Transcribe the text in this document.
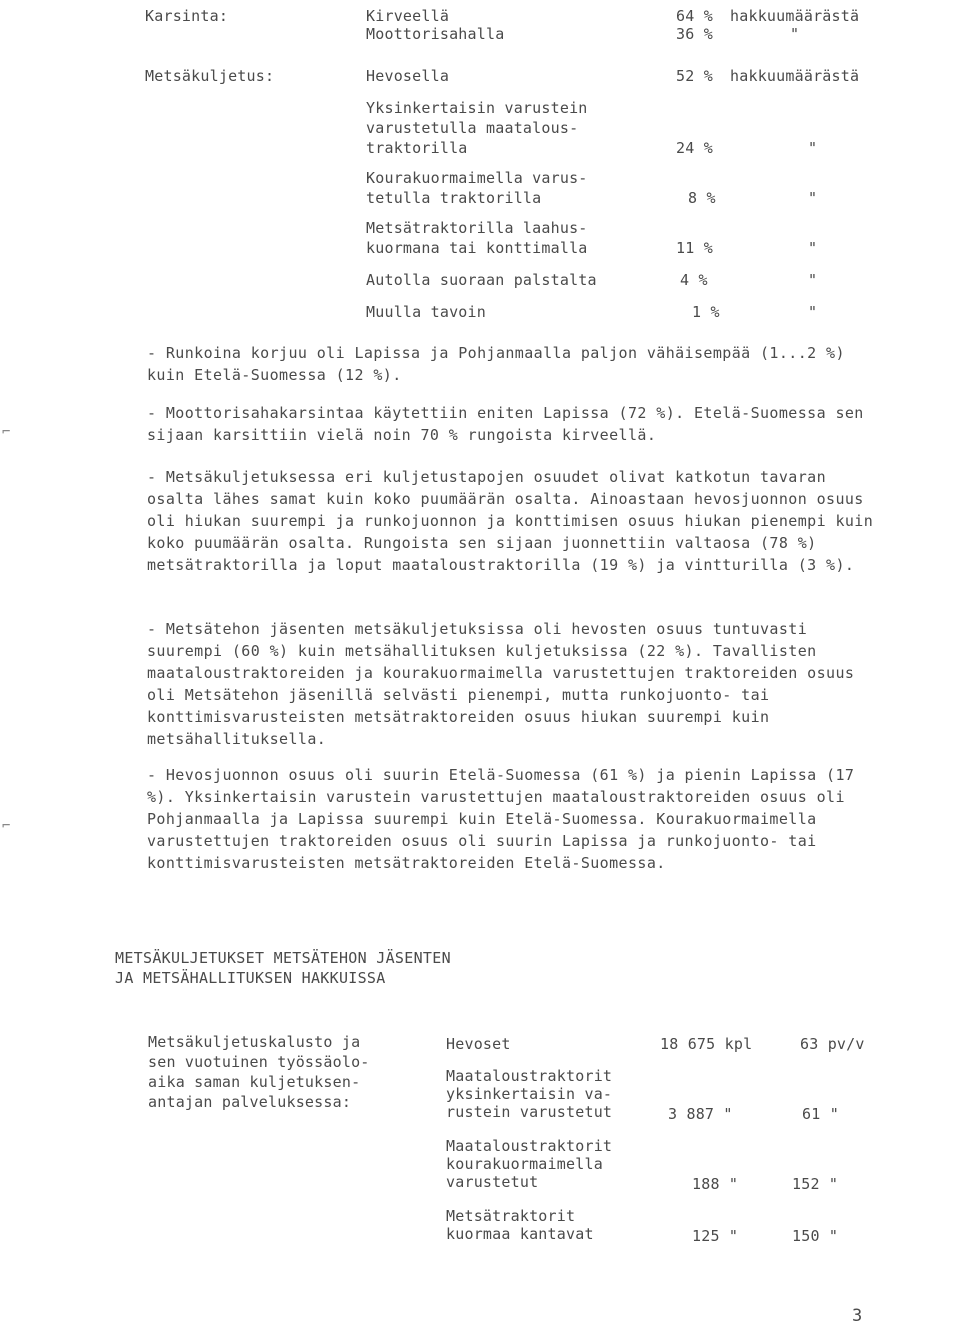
Karsinta:	Kirveellä	64 % hakkuumäärästä
Moottorisahalla	36 %	"
Metsäkuljetus:	Hevosella	52 % hakkuumäärästä
Yksinkertaisin varustein
varustetulla maatalous-
traktorilla	24 %	"
Kourakuormaimella varus-
tetulla traktorilla	8 %	"
Metsätraktorilla laahus-
kuormana tai konttimalla	11 %	"
Autolla suoraan palstalta	4 %	"
Muulla tavoin	1 %	"

- Runkoina korjuu oli Lapissa ja Pohjanmaalla paljon vähäisempää (1...2 %) kuin Etelä-Suomessa (12 %).

- Moottorisahakarsintaa käytettiin eniten Lapissa (72 %). Etelä-Suomessa sen sijaan karsittiin vielä noin 70 % rungoista kirveellä.

- Metsäkuljetuksessa eri kuljetustapojen osuudet olivat katkotun tavaran osalta lähes samat kuin koko puumäärän osalta. Ainoastaan hevosjuonnon osuus oli hiukan suurempi ja runkojuonnon ja konttimisen osuus hiukan pienempi kuin koko puumäärän osalta. Rungoista sen sijaan juonnettiin valtaosa (78 %) metsätraktorilla ja loput maataloustraktorilla (19 %) ja vintturilla (3 %).

- Metsätehon jäsenten metsäkuljetuksissa oli hevosten osuus tuntuvasti suurempi (60 %) kuin metsähallituksen kuljetuksissa (22 %). Tavallisten maataloustraktoreiden ja kourakuormaimella varustettujen traktoreiden osuus oli Metsätehon jäsenillä selvästi pienempi, mutta runkojuonto- tai konttimisvarusteisten metsätraktoreiden osuus hiukan suurempi kuin metsähallituksella.

- Hevosjuonnon osuus oli suurin Etelä-Suomessa (61 %) ja pienin Lapissa (17 %). Yksinkertaisin varustein varustettujen maataloustraktoreiden osuus oli Pohjanmaalla ja Lapissa suurempi kuin Etelä-Suomessa. Kourakuormaimella varustettujen traktoreiden osuus oli suurin Lapissa ja runkojuonto- tai konttimisvarusteisten metsätraktoreiden Etelä-Suomessa.

METSÄKULJETUKSET METSÄTEHON JÄSENTEN
JA METSÄHALLITUKSEN HAKKUISSA
Metsäkuljetuskalusto ja
sen vuotuinen työssäolo-
aika saman kuljetuksen-
antajan palveluksessa:
Hevoset	18 675 kpl	63 pv/v
Maataloustraktorit
yksinkertaisin va-
rustein varustetut	3 887 "	61 "
Maataloustraktorit
kourakuormaimella
varustetut	188 "	152 "
Metsätraktorit
kuormaa kantavat	125 "	150 "
3
⌐
⌐
